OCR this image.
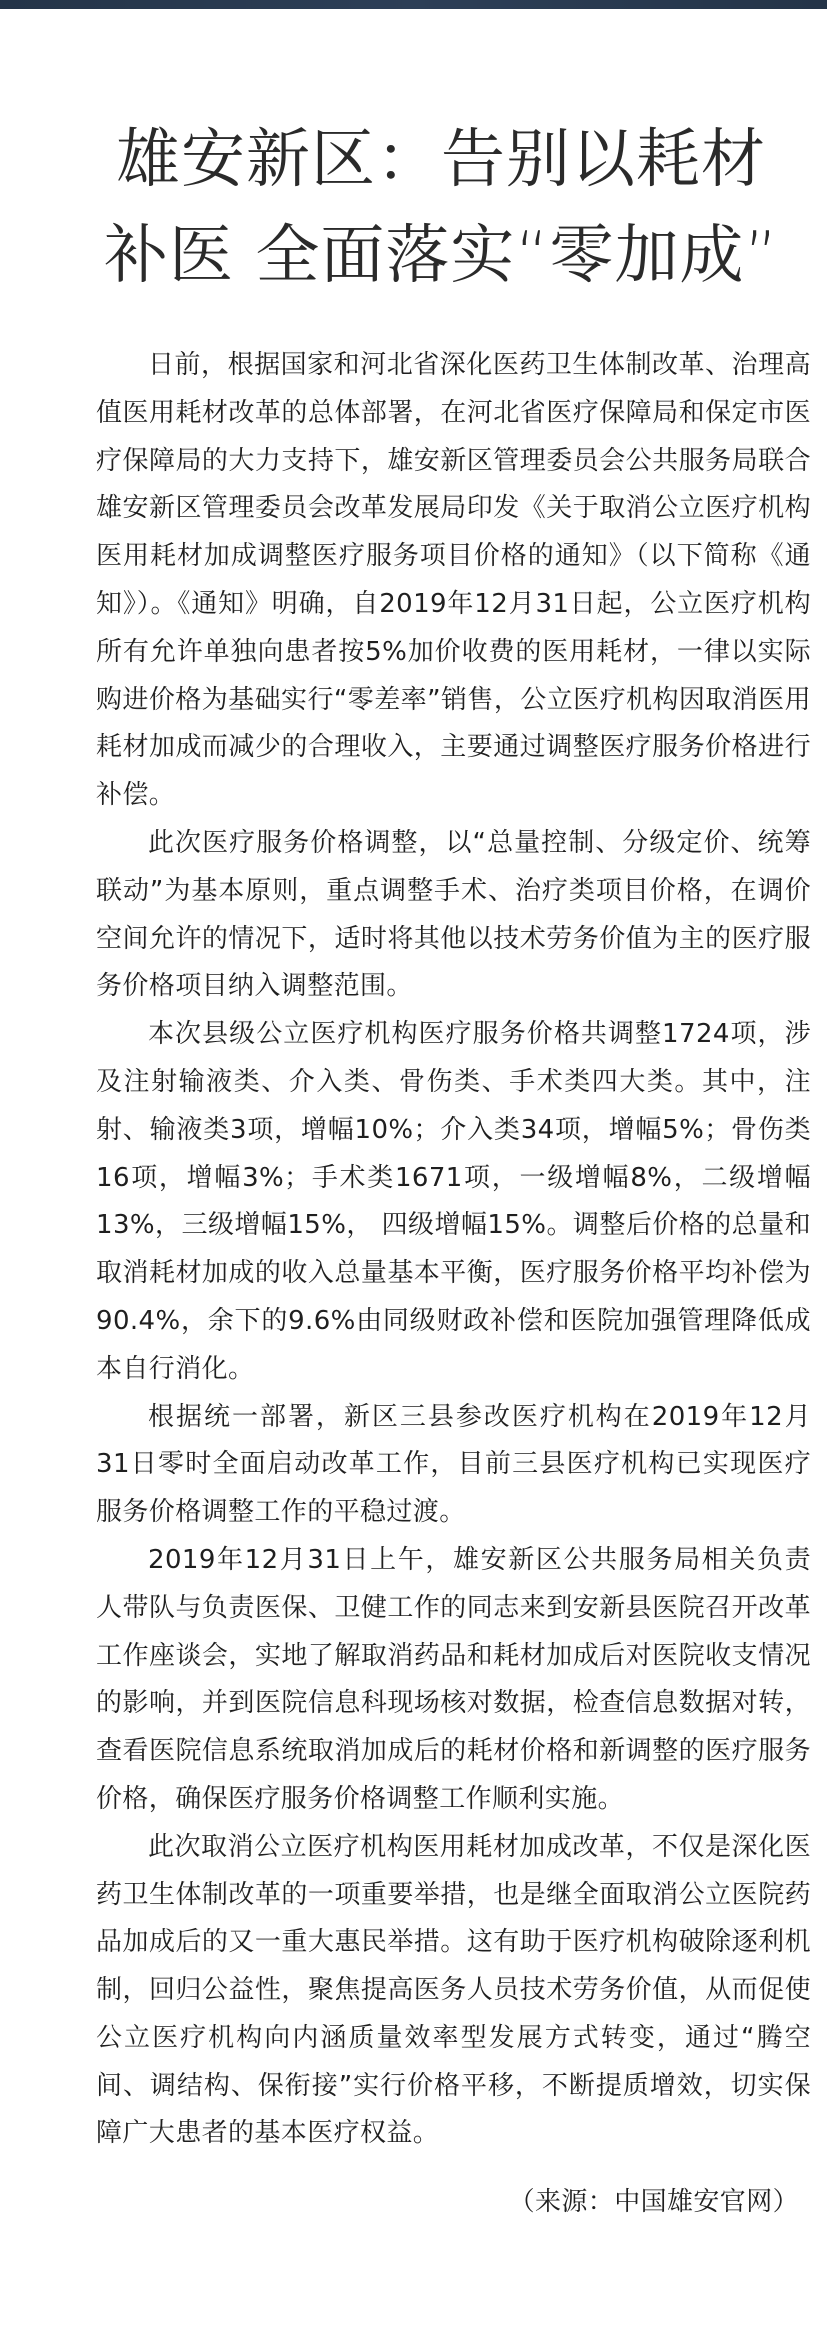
雄安新区：告别以耗材
补医 全面落实“零加成”

日前，根据国家和河北省深化医药卫生体制改革、治理高值医用耗材改革的总体部署，在河北省医疗保障局和保定市医疗保障局的大力支持下，雄安新区管理委员会公共服务局联合雄安新区管理委员会改革发展局印发《关于取消公立医疗机构医用耗材加成调整医疗服务项目价格的通知》（以下简称《通知》）。《通知》明确，自2019年12月31日起，公立医疗机构所有允许单独向患者按5%加价收费的医用耗材，一律以实际购进价格为基础实行“零差率”销售，公立医疗机构因取消医用耗材加成而减少的合理收入，主要通过调整医疗服务价格进行补偿。

此次医疗服务价格调整，以“总量控制、分级定价、统筹联动”为基本原则，重点调整手术、治疗类项目价格，在调价空间允许的情况下，适时将其他以技术劳务价值为主的医疗服务价格项目纳入调整范围。

本次县级公立医疗机构医疗服务价格共调整1724项，涉及注射输液类、介入类、骨伤类、手术类四大类。其中，注射、输液类3项，增幅10%；介入类34项，增幅5%；骨伤类16项，增幅3%；手术类1671项，一级增幅8%，二级增幅13%，三级增幅15%， 四级增幅15%。调整后价格的总量和取消耗材加成的收入总量基本平衡，医疗服务价格平均补偿为90.4%，余下的9.6%由同级财政补偿和医院加强管理降低成本自行消化。

根据统一部署，新区三县参改医疗机构在2019年12月31日零时全面启动改革工作，目前三县医疗机构已实现医疗服务价格调整工作的平稳过渡。

2019年12月31日上午，雄安新区公共服务局相关负责人带队与负责医保、卫健工作的同志来到安新县医院召开改革工作座谈会，实地了解取消药品和耗材加成后对医院收支情况的影响，并到医院信息科现场核对数据，检查信息数据对转，查看医院信息系统取消加成后的耗材价格和新调整的医疗服务价格，确保医疗服务价格调整工作顺利实施。

此次取消公立医疗机构医用耗材加成改革，不仅是深化医药卫生体制改革的一项重要举措，也是继全面取消公立医院药品加成后的又一重大惠民举措。这有助于医疗机构破除逐利机制，回归公益性，聚焦提高医务人员技术劳务价值，从而促使公立医疗机构向内涵质量效率型发展方式转变，通过“腾空间、调结构、保衔接”实行价格平移，不断提质增效，切实保障广大患者的基本医疗权益。

（来源：中国雄安官网）
